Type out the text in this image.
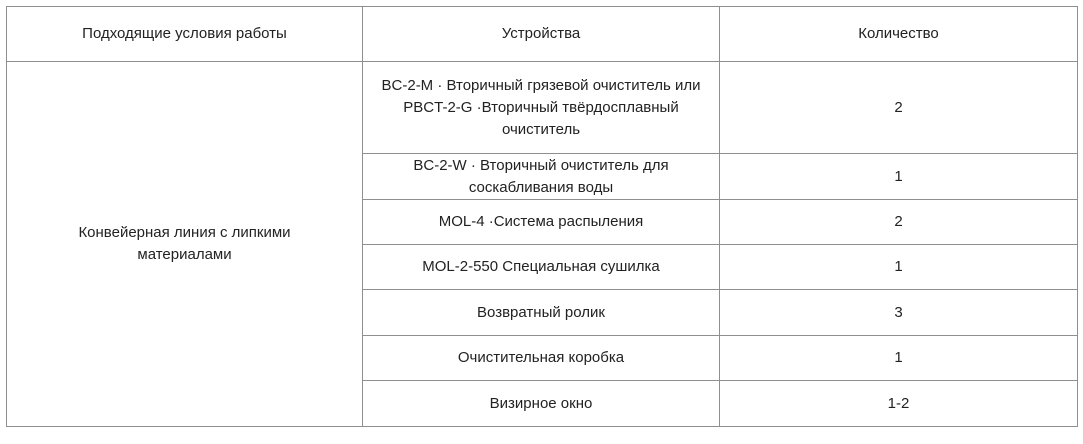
Подходящие условия работы	Устройства	Количество
Конвейерная линия с липкими материалами	BC-2-M · Вторичный грязевой очиститель или PBCT-2-G ·Вторичный твёрдосплавный очиститель	2
	BC-2-W · Вторичный очиститель для соскабливания воды	1
	MOL-4 ·Система распыления	2
	MOL-2-550 Специальная сушилка	1
	Возвратный ролик	3
	Очистительная коробка	1
	Визирное окно	1-2
